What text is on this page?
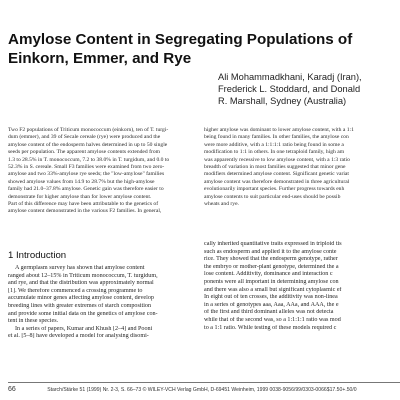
Amylose Content in Segregating Populations of Einkorn, Emmer, and Rye
Ali Mohammadkhani, Karadj (Iran),
Frederick L. Stoddard, and Donald
R. Marshall, Sydney (Australia)
Two F2 populations of Triticum monococcum (einkorn), ten of T. turgi-
dum (emmer), and 39 of Secale cereale (rye) were produced and the
amylose content of the endosperm halves determined in up to 50 single
seeds per population. The apparent amylose contents extended from
1.3 to 28.5% in T. monococcum, 7.2 to 38.0% in T. turgidum, and 0.0 to
52.3% in S. cereale. Small F3 families were examined from two zero-
amylose and two 33%-amylose rye seeds; the "low-amylose" families
showed amylose values from 14.9 to 28.7% but the high-amylose
family had 21.0–37.8% amylose. Genetic gain was therefore easier to
demonstrate for higher amylose than for lower amylose content.
Part of this difference may have been attributable to the genetics of
amylose content demonstrated in the various F2 families. In general,
higher amylose was dominant to lower amylose content, with a 1:1
being found in many families. In other families, the amylose con
were more additive, with a 1:1:1:1 ratio being found in some a
modification to 1:1 in others. In one tetraploid family, high am
was apparently recessive to low amylose content, with a 1:3 ratio
breadth of variation in most families suggested that minor gene
modifiers determined amylose content. Significant genetic variat
amylose content was therefore demonstrated in three agricultural
evolutionarily important species. Further progress towards enh
amylose contents to suit particular end-uses should be possib
wheats and rye.
1 Introduction
A germplasm survey has shown that amylose content
ranged about 12–15% in Triticum monococcum, T. turgidum,
and rye, and that the distribution was approximately normal
[1]. We therefore commenced a crossing programme to
accumulate minor genes affecting amylose content, develop
breeding lines with greater extremes of starch composition
and provide some initial data on the genetics of amylose con-
tent in these species.
In a series of papers, Kumar and Khush [2–4] and Pooni
et al. [5–8] have developed a model for analysing disomi-
cally inherited quantitative traits expressed in triploid tis
such as endosperm and applied it to the amylose conte
rice. They showed that the endosperm genotype, rather
the embryo or mother-plant genotype, determined the a
lose content. Additivity, dominance and interaction c
ponents were all important in determining amylose con
and there was also a small but significant cytoplasmic ef
In eight out of ten crosses, the additivity was non-linea
in a series of genotypes aaa, Aaa, AAa, and AAA, the e
of the first and third dominant alleles was not detecta
while that of the second was, so a 1:1:1:1 ratio was mod
to a 1:1 ratio. While testing of these models required c
66	Starch/Stärke 51 (1999) Nr. 2-3, S. 66–73 © WILEY-VCH Verlag GmbH, D-69451 Weinheim, 1999 0038-9056/99/0303-0066$17.50+.50/0
